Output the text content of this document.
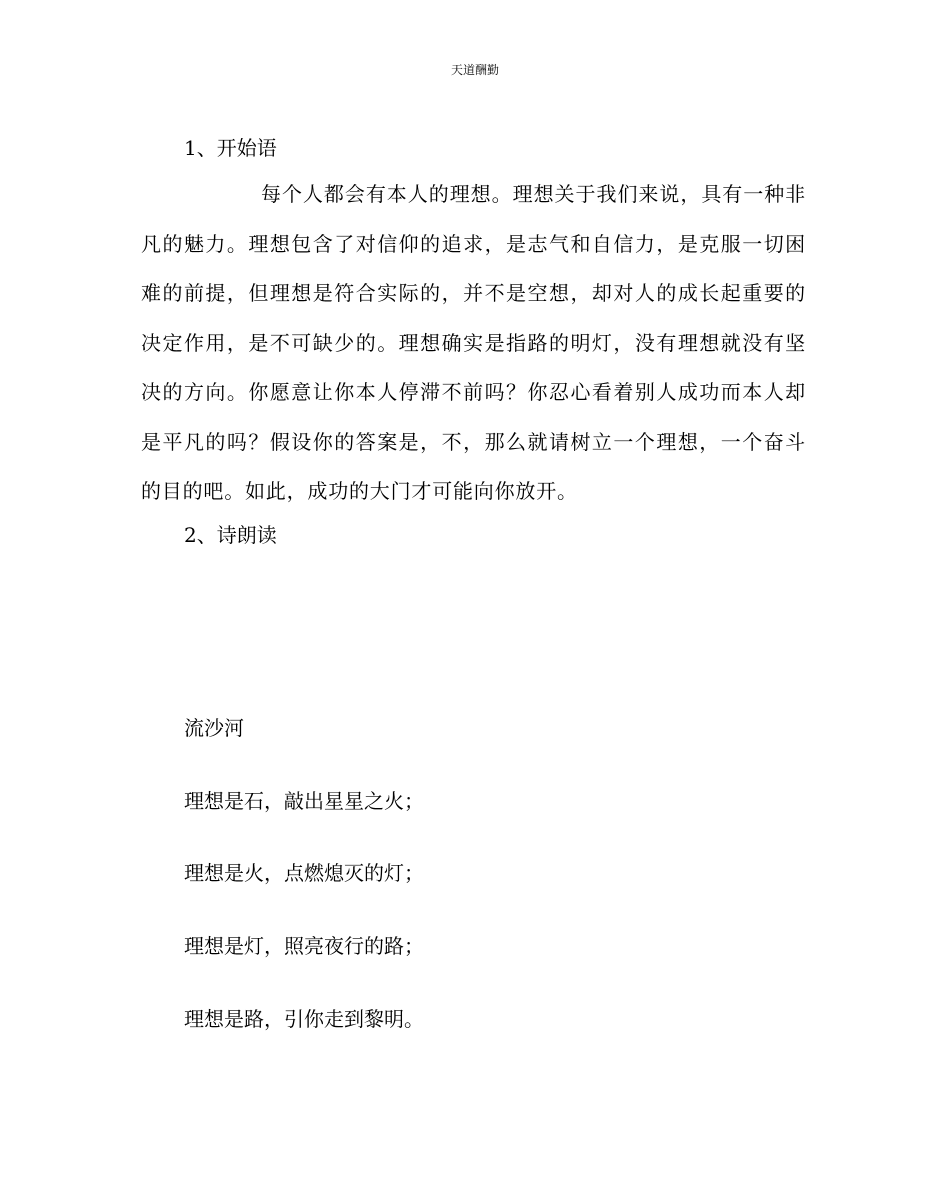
天道酬勤
1、开始语
每个人都会有本人的理想。理想关于我们来说，具有一种非凡的魅力。理想包含了对信仰的追求，是志气和自信力，是克服一切困难的前提，但理想是符合实际的，并不是空想，却对人的成长起重要的决定作用，是不可缺少的。理想确实是指路的明灯，没有理想就没有坚决的方向。你愿意让你本人停滞不前吗？你忍心看着别人成功而本人却是平凡的吗？假设你的答案是，不，那么就请树立一个理想，一个奋斗的目的吧。如此，成功的大门才可能向你放开。
2、诗朗读
流沙河
理想是石，敲出星星之火；
理想是火，点燃熄灭的灯；
理想是灯，照亮夜行的路；
理想是路，引你走到黎明。
